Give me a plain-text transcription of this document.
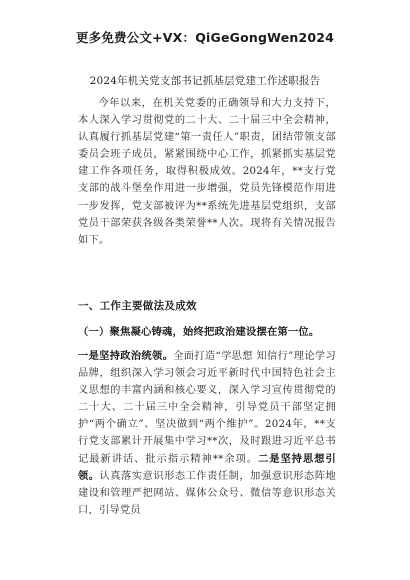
更多免费公文+VX：QiGeGongWen2024
2024年机关党支部书记抓基层党建工作述职报告
今年以来，在机关党委的正确领导和大力支持下，本人深入学习贯彻党的二十大、二十届三中全会精神，认真履行抓基层党建“第一责任人”职责，团结带领支部委员会班子成员，紧紧围绕中心工作，抓紧抓实基层党建工作各项任务，取得积极成效。2024年，**支行党支部的战斗堡垒作用进一步增强，党员先锋模范作用进一步发挥，党支部被评为**系统先进基层党组织，支部党员干部荣获各级各类荣誉**人次。现将有关情况报告如下。
一、工作主要做法及成效
（一）聚焦凝心铸魂，始终把政治建设摆在第一位。
一是坚持政治统领。全面打造“学思想 知信行”理论学习品牌，组织深入学习领会习近平新时代中国特色社会主义思想的丰富内涵和核心要义，深入学习宣传贯彻党的二十大、二十届三中全会精神，引导党员干部坚定拥护“两个确立”、坚决做到“两个维护”。2024年，**支行党支部累计开展集中学习**次，及时跟进习近平总书记最新讲话、批示指示精神**余项。二是坚持思想引领。认真落实意识形态工作责任制，加强意识形态阵地建设和管理严把网站、媒体公众号、微信等意识形态关口，引导党员
